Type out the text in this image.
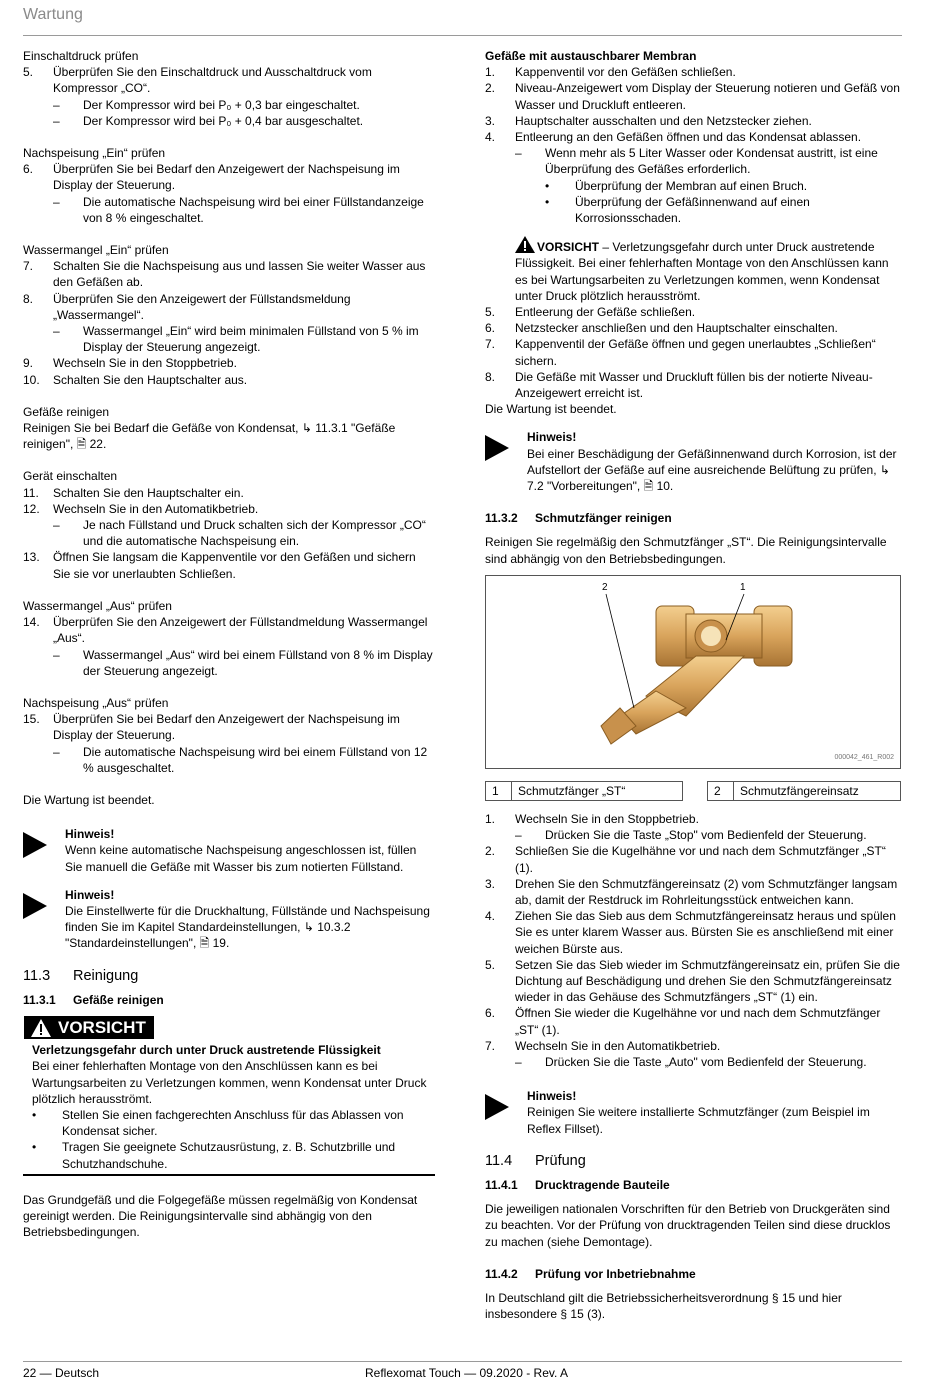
Wartung

Einschaltdruck prüfen

5.	Überprüfen Sie den Einschaltdruck und Ausschaltdruck vom Kompressor „CO“.
–	Der Kompressor wird bei P₀ + 0,3 bar eingeschaltet.
–	Der Kompressor wird bei P₀ + 0,4 bar ausgeschaltet.

Nachspeisung „Ein“ prüfen

6.	Überprüfen Sie bei Bedarf den Anzeigewert der Nachspeisung im Display der Steuerung.
–	Die automatische Nachspeisung wird bei einer Füllstandanzeige von 8 % eingeschaltet.

Wassermangel „Ein“ prüfen

7.	Schalten Sie die Nachspeisung aus und lassen Sie weiter Wasser aus den Gefäßen ab.
8.	Überprüfen Sie den Anzeigewert der Füllstandsmeldung „Wassermangel“.
–	Wassermangel „Ein“ wird beim minimalen Füllstand von 5 % im Display der Steuerung angezeigt.
9.	Wechseln Sie in den Stoppbetrieb.
10.	Schalten Sie den Hauptschalter aus.

Gefäße reinigen

Reinigen Sie bei Bedarf die Gefäße von Kondensat, ↳ 11.3.1 "Gefäße reinigen", 🗎 22.

Gerät einschalten

11.	Schalten Sie den Hauptschalter ein.
12.	Wechseln Sie in den Automatikbetrieb.
–	Je nach Füllstand und Druck schalten sich der Kompressor „CO“ und die automatische Nachspeisung ein.
13.	Öffnen Sie langsam die Kappenventile vor den Gefäßen und sichern Sie sie vor unerlaubten Schließen.

Wassermangel „Aus“ prüfen

14.	Überprüfen Sie den Anzeigewert der Füllstandmeldung Wassermangel „Aus“.
–	Wassermangel „Aus“ wird bei einem Füllstand von 8 % im Display der Steuerung angezeigt.

Nachspeisung „Aus“ prüfen

15.	Überprüfen Sie bei Bedarf den Anzeigewert der Nachspeisung im Display der Steuerung.
–	Die automatische Nachspeisung wird bei einem Füllstand von 12 % ausgeschaltet.

Die Wartung ist beendet.

Hinweis!
Wenn keine automatische Nachspeisung angeschlossen ist, füllen Sie manuell die Gefäße mit Wasser bis zum notierten Füllstand.
Hinweis!
Die Einstellwerte für die Druckhaltung, Füllstände und Nachspeisung finden Sie im Kapitel Standardeinstellungen, ↳ 10.3.2 "Standardeinstellungen", 🗎 19.
11.3	Reinigung
11.3.1	Gefäße reinigen
VORSICHT
Verletzungsgefahr durch unter Druck austretende Flüssigkeit
Bei einer fehlerhaften Montage von den Anschlüssen kann es bei Wartungsarbeiten zu Verletzungen kommen, wenn Kondensat unter Druck plötzlich herausströmt.
•	Stellen Sie einen fachgerechten Anschluss für das Ablassen von Kondensat sicher.
•	Tragen Sie geeignete Schutzausrüstung, z. B. Schutzbrille und Schutzhandschuhe.

Das Grundgefäß und die Folgegefäße müssen regelmäßig von Kondensat gereinigt werden. Die Reinigungsintervalle sind abhängig von den Betriebsbedingungen.

Gefäße mit austauschbarer Membran

1.	Kappenventil vor den Gefäßen schließen.
2.	Niveau-Anzeigewert vom Display der Steuerung notieren und Gefäß von Wasser und Druckluft entleeren.
3.	Hauptschalter ausschalten und den Netzstecker ziehen.
4.	Entleerung an den Gefäßen öffnen und das Kondensat ablassen.
–	Wenn mehr als 5 Liter Wasser oder Kondensat austritt, ist eine Überprüfung des Gefäßes erforderlich.
•	Überprüfung der Membran auf einen Bruch.
•	Überprüfung der Gefäßinnenwand auf einen Korrosionsschaden.
VORSICHT – Verletzungsgefahr durch unter Druck austretende Flüssigkeit. Bei einer fehlerhaften Montage von den Anschlüssen kann es bei Wartungsarbeiten zu Verletzungen kommen, wenn Kondensat unter Druck plötzlich herausströmt.
5.	Entleerung der Gefäße schließen.
6.	Netzstecker anschließen und den Hauptschalter einschalten.
7.	Kappenventil der Gefäße öffnen und gegen unerlaubtes „Schließen“ sichern.
8.	Die Gefäße mit Wasser und Druckluft füllen bis der notierte Niveau-Anzeigewert erreicht ist.

Die Wartung ist beendet.

Hinweis!
Bei einer Beschädigung der Gefäßinnenwand durch Korrosion, ist der Aufstellort der Gefäße auf eine ausreichende Belüftung zu prüfen, ↳ 7.2 "Vorbereitungen", 🗎 10.
11.3.2	Schmutzfänger reinigen

Reinigen Sie regelmäßig den Schmutzfänger „ST“. Die Reinigungsintervalle sind abhängig von den Betriebsbedingungen.

2	1
000042_461_R002
1	Schmutzfänger „ST“	2	Schmutzfängereinsatz
1.	Wechseln Sie in den Stoppbetrieb.
–	Drücken Sie die Taste „Stop" vom Bedienfeld der Steuerung.
2.	Schließen Sie die Kugelhähne vor und nach dem Schmutzfänger „ST“ (1).
3.	Drehen Sie den Schmutzfängereinsatz (2) vom Schmutzfänger langsam ab, damit der Restdruck im Rohrleitungsstück entweichen kann.
4.	Ziehen Sie das Sieb aus dem Schmutzfängereinsatz heraus und spülen Sie es unter klarem Wasser aus. Bürsten Sie es anschließend mit einer weichen Bürste aus.
5.	Setzen Sie das Sieb wieder im Schmutzfängereinsatz ein, prüfen Sie die Dichtung auf Beschädigung und drehen Sie den Schmutzfängereinsatz wieder in das Gehäuse des Schmutzfängers „ST“ (1) ein.
6.	Öffnen Sie wieder die Kugelhähne vor und nach dem Schmutzfänger „ST“ (1).
7.	Wechseln Sie in den Automatikbetrieb.
–	Drücken Sie die Taste „Auto" vom Bedienfeld der Steuerung.
Hinweis!
Reinigen Sie weitere installierte Schmutzfänger (zum Beispiel im Reflex Fillset).
11.4	Prüfung
11.4.1	Drucktragende Bauteile

Die jeweiligen nationalen Vorschriften für den Betrieb von Druckgeräten sind zu beachten. Vor der Prüfung von drucktragenden Teilen sind diese drucklos zu machen (siehe Demontage).

11.4.2	Prüfung vor Inbetriebnahme

In Deutschland gilt die Betriebssicherheitsverordnung § 15 und hier insbesondere § 15 (3).

22 — Deutsch	Reflexomat Touch — 09.2020 - Rev. A
